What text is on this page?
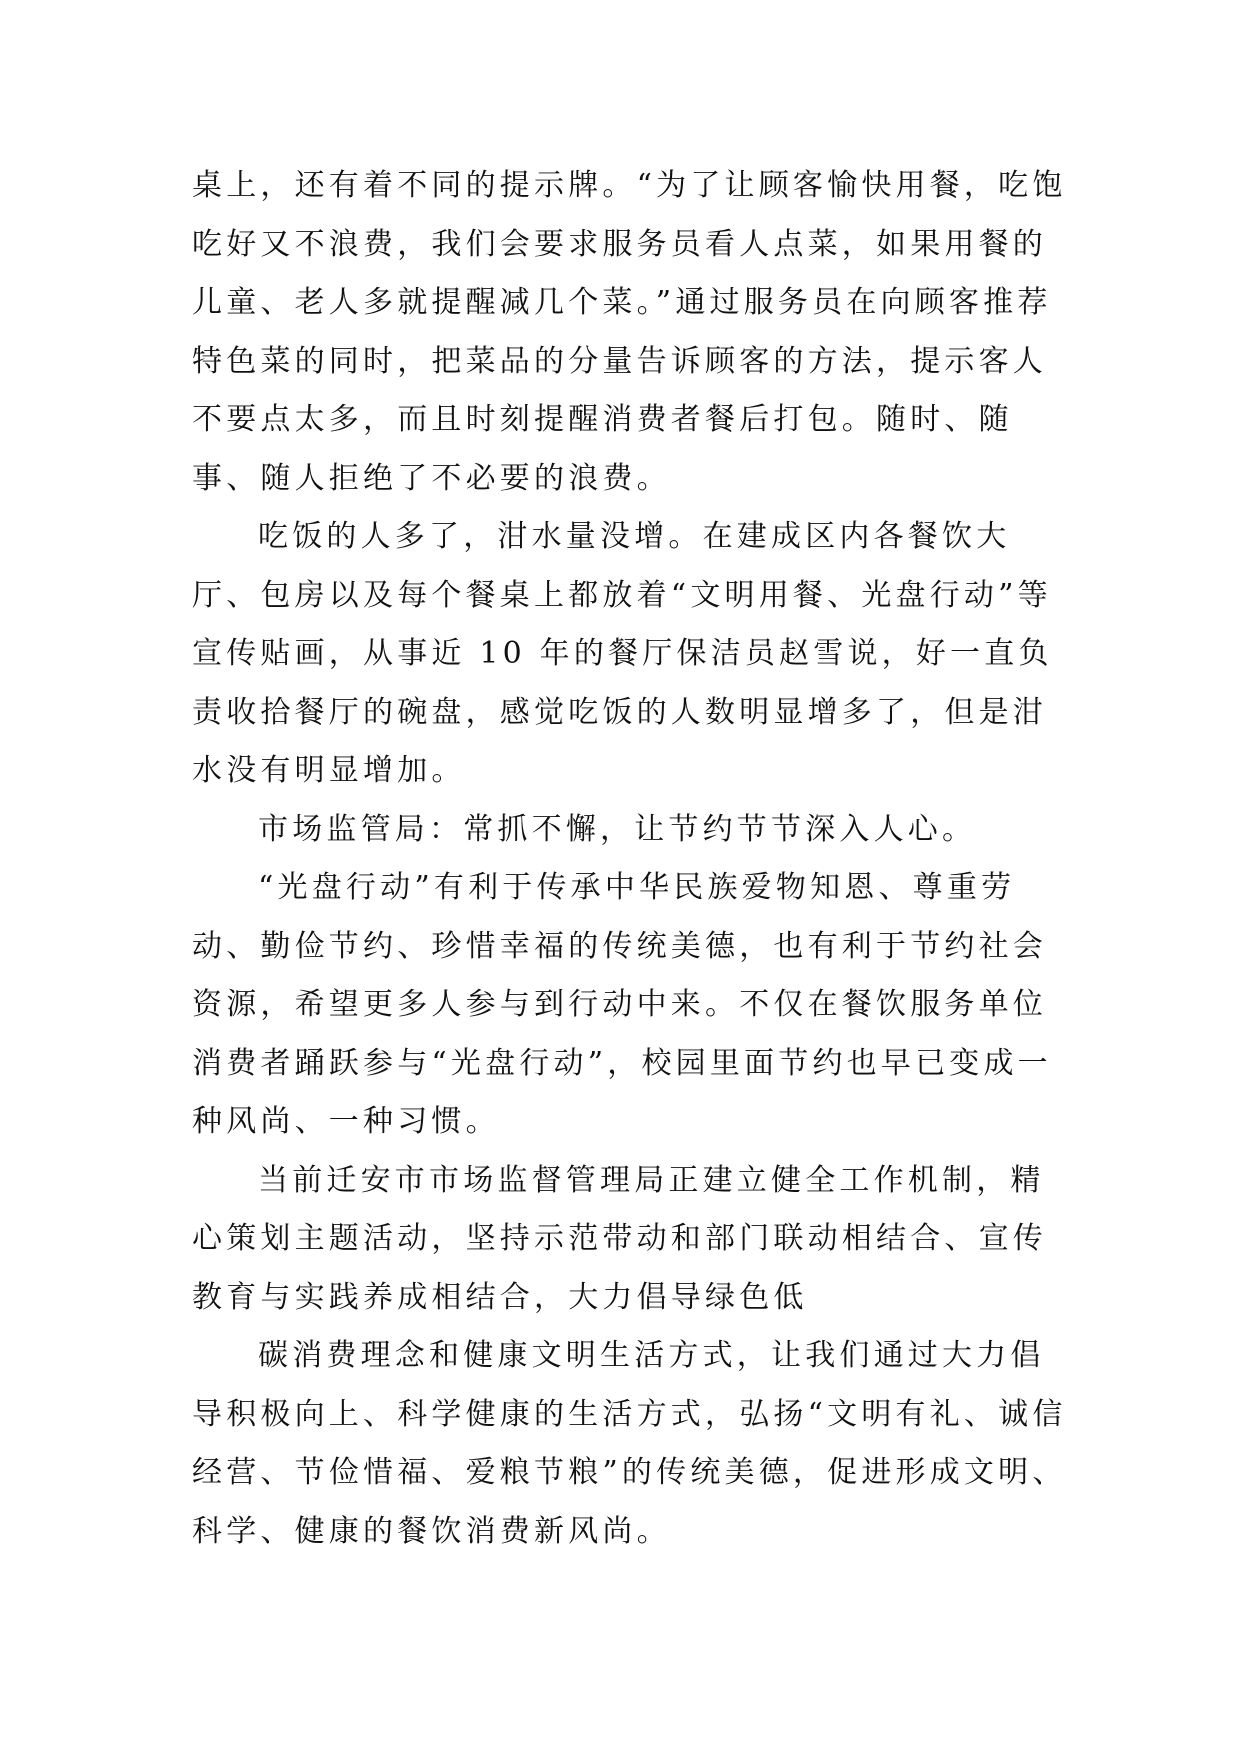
桌上，还有着不同的提示牌。“为了让顾客愉快用餐，吃饱吃好又不浪费，我们会要求服务员看人点菜，如果用餐的儿童、老人多就提醒减几个菜。”通过服务员在向顾客推荐特色菜的同时，把菜品的分量告诉顾客的方法，提示客人不要点太多，而且时刻提醒消费者餐后打包。随时、随事、随人拒绝了不必要的浪费。

吃饭的人多了，泔水量没增。在建成区内各餐饮大厅、包房以及每个餐桌上都放着“文明用餐、光盘行动”等宣传贴画，从事近 10 年的餐厅保洁员赵雪说，好一直负责收拾餐厅的碗盘，感觉吃饭的人数明显增多了，但是泔水没有明显增加。

市场监管局：常抓不懈，让节约节节深入人心。

“光盘行动”有利于传承中华民族爱物知恩、尊重劳动、勤俭节约、珍惜幸福的传统美德，也有利于节约社会资源，希望更多人参与到行动中来。不仅在餐饮服务单位消费者踊跃参与“光盘行动”，校园里面节约也早已变成一种风尚、一种习惯。

当前迁安市市场监督管理局正建立健全工作机制，精心策划主题活动，坚持示范带动和部门联动相结合、宣传教育与实践养成相结合，大力倡导绿色低

碳消费理念和健康文明生活方式，让我们通过大力倡导积极向上、科学健康的生活方式，弘扬“文明有礼、诚信经营、节俭惜福、爱粮节粮”的传统美德，促进形成文明、科学、健康的餐饮消费新风尚。
